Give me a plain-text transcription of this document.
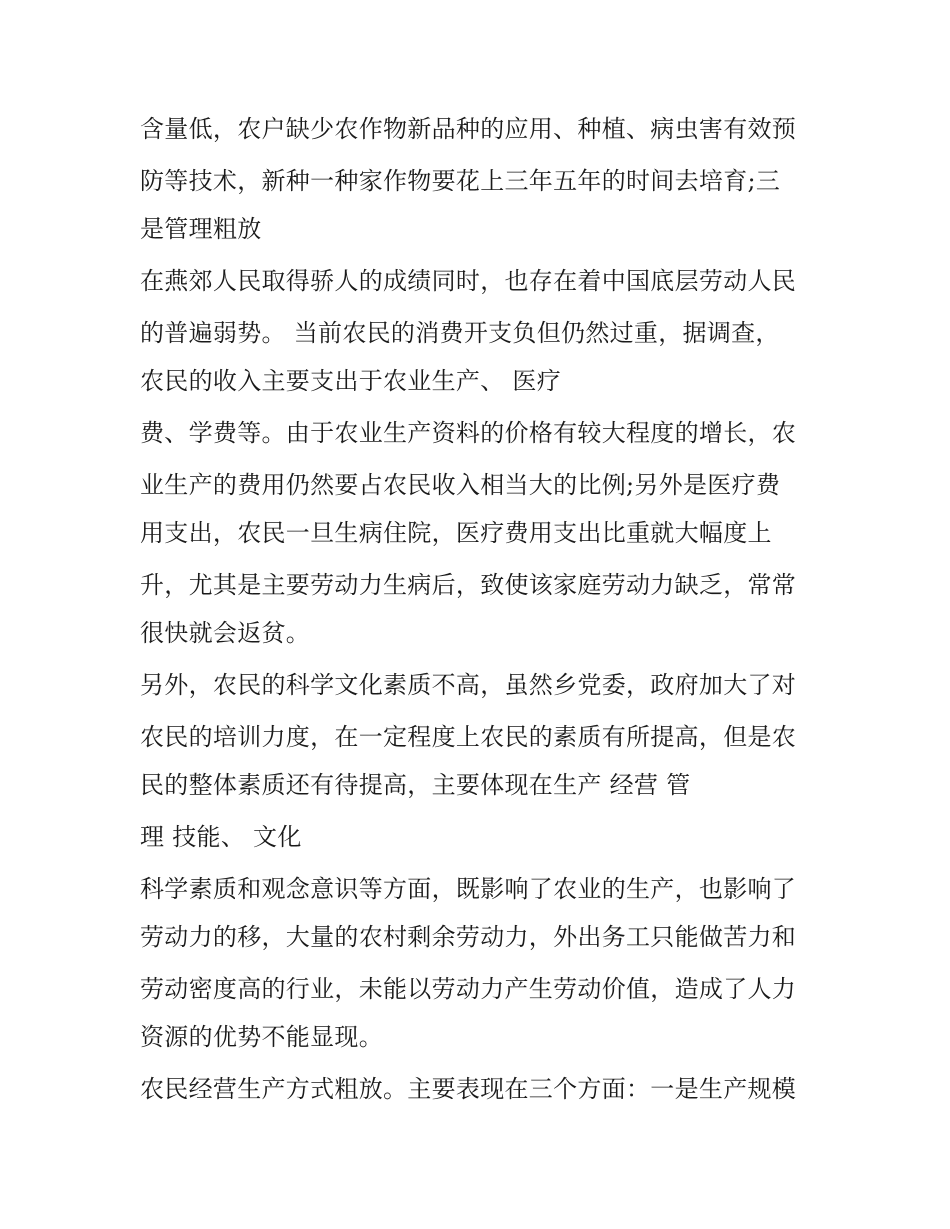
含量低，农户缺少农作物新品种的应用、种植、病虫害有效预
防等技术，新种一种家作物要花上三年五年的时间去培育;三
是管理粗放
在燕郊人民取得骄人的成绩同时，也存在着中国底层劳动人民
的普遍弱势。 当前农民的消费开支负但仍然过重，据调查，
农民的收入主要支出于农业生产、 医疗
费、学费等。由于农业生产资料的价格有较大程度的增长，农
业生产的费用仍然要占农民收入相当大的比例;另外是医疗费
用支出，农民一旦生病住院，医疗费用支出比重就大幅度上
升，尤其是主要劳动力生病后，致使该家庭劳动力缺乏，常常
很快就会返贫。
另外，农民的科学文化素质不高，虽然乡党委，政府加大了对
农民的培训力度，在一定程度上农民的素质有所提高，但是农
民的整体素质还有待提高，主要体现在生产 经营 管
理 技能、 文化
科学素质和观念意识等方面，既影响了农业的生产，也影响了
劳动力的移，大量的农村剩余劳动力，外出务工只能做苦力和
劳动密度高的行业，未能以劳动力产生劳动价值，造成了人力
资源的优势不能显现。
农民经营生产方式粗放。主要表现在三个方面：一是生产规模
